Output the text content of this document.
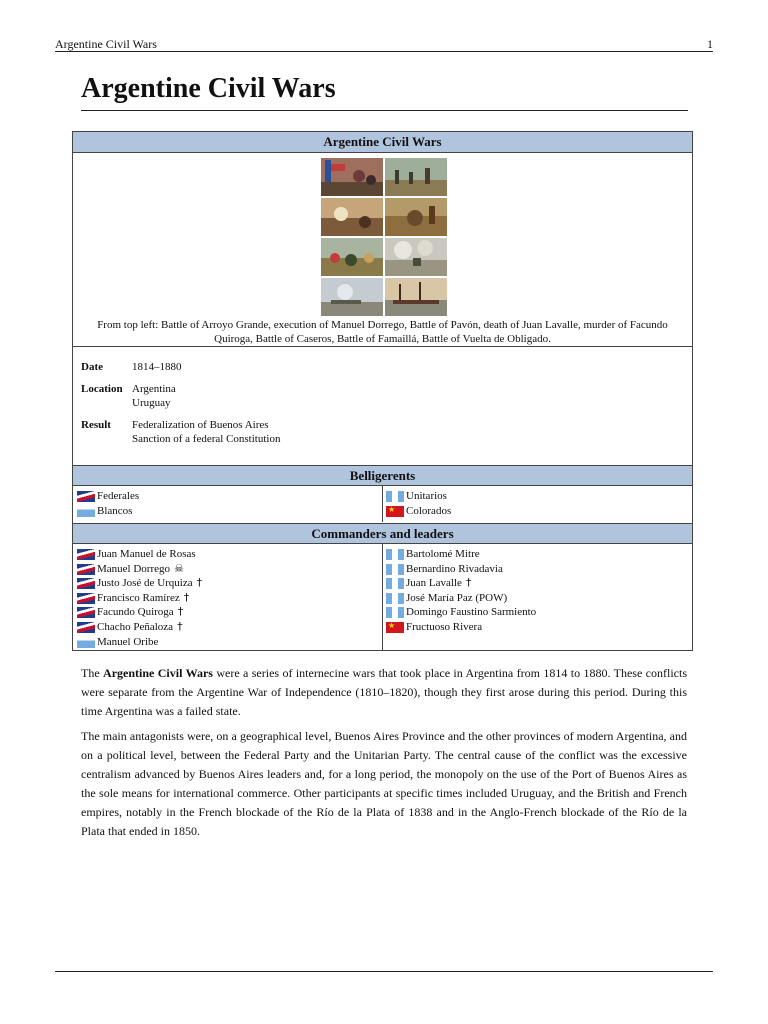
Argentine Civil Wars	1
Argentine Civil Wars
Argentine Civil Wars
From top left: Battle of Arroyo Grande, execution of Manuel Dorrego, Battle of Pavón, death of Juan Lavalle, murder of Facundo Quiroga, Battle of Caseros, Battle of Famaillá, Battle of Vuelta de Obligado.
Date	1814–1880
Location Argentina
Uruguay
Result Federalization of Buenos Aires
Sanction of a federal Constitution
Belligerents
Federales
Blancos
Unitarios
★
Colorados
Commanders and leaders
Juan Manuel de Rosas
Manuel Dorrego ☠
Justo José de Urquiza †
Francisco Ramírez †
Facundo Quiroga †
Chacho Peñaloza †
Manuel Oribe
Bartolomé Mitre
Bernardino Rivadavia
Juan Lavalle †
José María Paz (POW)
Domingo Faustino Sarmiento
★
Fructuoso Rivera

The Argentine Civil Wars were a series of internecine wars that took place in Argentina from 1814 to 1880. These conflicts were separate from the Argentine War of Independence (1810–1820), though they first arose during this period. During this time Argentina was a failed state.

The main antagonists were, on a geographical level, Buenos Aires Province and the other provinces of modern Argentina, and on a political level, between the Federal Party and the Unitarian Party. The central cause of the conflict was the excessive centralism advanced by Buenos Aires leaders and, for a long period, the monopoly on the use of the Port of Buenos Aires as the sole means for international commerce. Other participants at specific times included Uruguay, and the British and French empires, notably in the French blockade of the Río de la Plata of 1838 and in the Anglo-French blockade of the Río de la Plata that ended in 1850.
